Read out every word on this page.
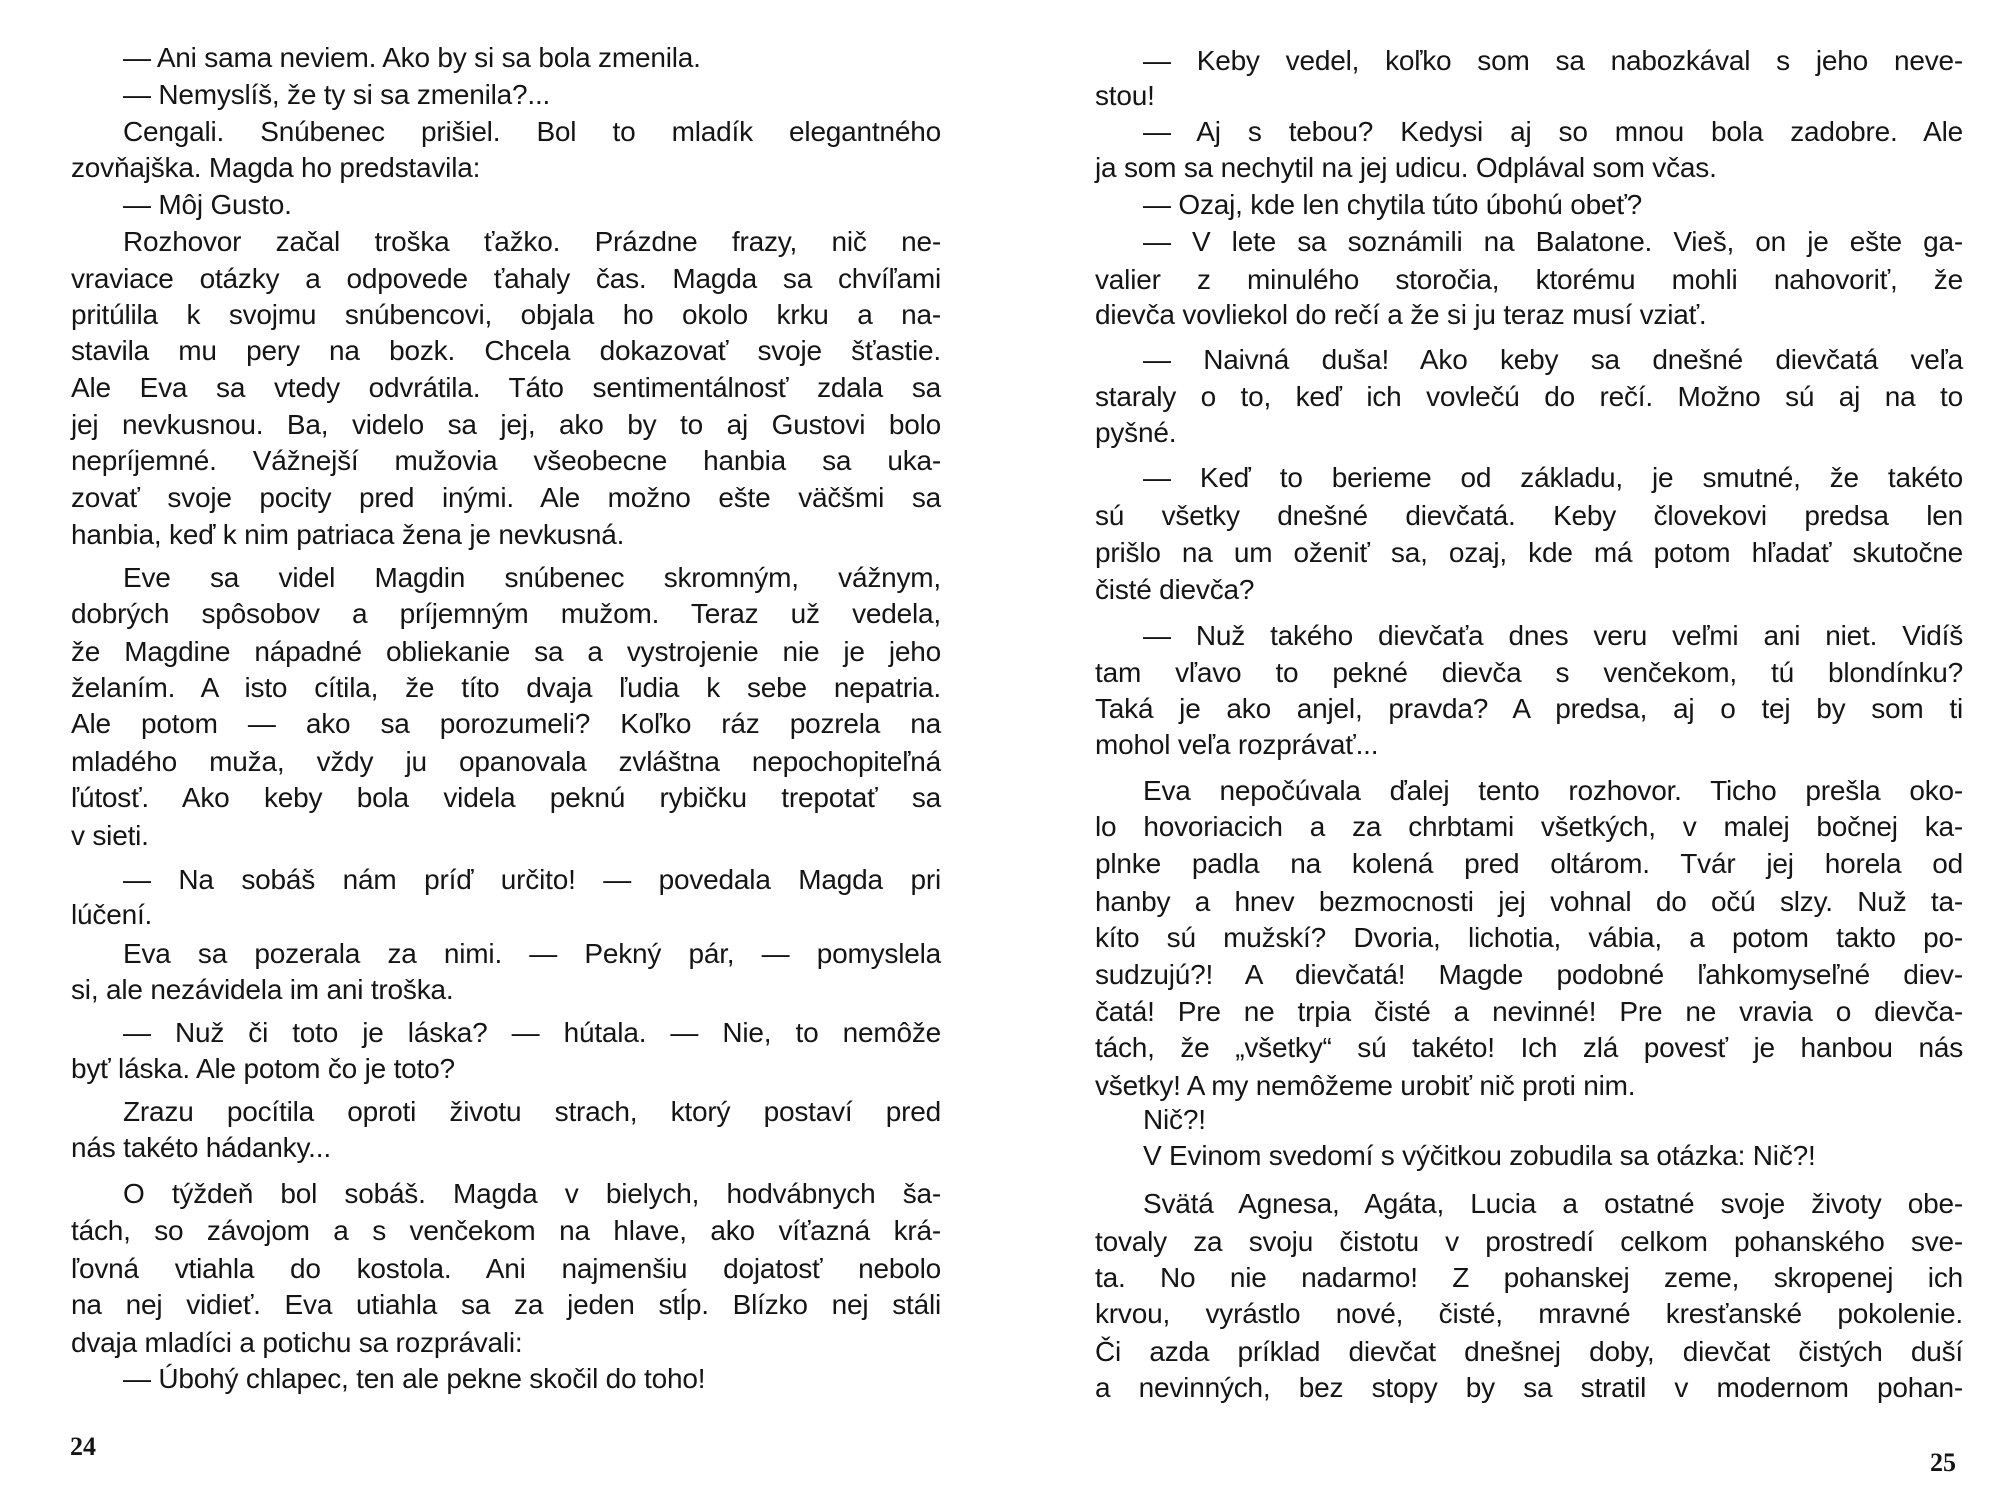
24
— Ani sama neviem. Ako by si sa bola zmenila.
— Nemyslíš, že ty si sa zmenila?...
Cengali. Snúbenec prišiel. Bol to mladík elegantného
zovňajška. Magda ho predstavila:
— Môj Gusto.
Rozhovor začal troška ťažko. Prázdne frazy, nič ne-
vraviace otázky a odpovede ťahaly čas. Magda sa chvíľami
pritúlila k svojmu snúbencovi, objala ho okolo krku a na-
stavila mu pery na bozk. Chcela dokazovať svoje šťastie.
Ale Eva sa vtedy odvrátila. Táto sentimentálnosť zdala sa
jej nevkusnou. Ba, videlo sa jej, ako by to aj Gustovi bolo
nepríjemné. Vážnejší mužovia všeobecne hanbia sa uka-
zovať svoje pocity pred inými. Ale možno ešte väčšmi sa
hanbia, keď k nim patriaca žena je nevkusná.
Eve sa videl Magdin snúbenec skromným, vážnym,
dobrých spôsobov a príjemným mužom. Teraz už vedela,
že Magdine nápadné obliekanie sa a vystrojenie nie je jeho
želaním. A isto cítila, že títo dvaja ľudia k sebe nepatria.
Ale potom — ako sa porozumeli? Koľko ráz pozrela na
mladého muža, vždy ju opanovala zvláštna nepochopiteľná
ľútosť. Ako keby bola videla peknú rybičku trepotať sa
v sieti.
— Na sobáš nám príď určito! — povedala Magda pri
lúčení.
Eva sa pozerala za nimi. — Pekný pár, — pomyslela
si, ale nezávidela im ani troška.
— Nuž či toto je láska? — hútala. — Nie, to nemôže
byť láska. Ale potom čo je toto?
Zrazu pocítila oproti životu strach, ktorý postaví pred
nás takéto hádanky...
O týždeň bol sobáš. Magda v bielych, hodvábnych ša-
tách, so závojom a s venčekom na hlave, ako víťazná krá-
ľovná vtiahla do kostola. Ani najmenšiu dojatosť nebolo
na nej vidieť. Eva utiahla sa za jeden stĺp. Blízko nej stáli
dvaja mladíci a potichu sa rozprávali:
— Úbohý chlapec, ten ale pekne skočil do toho!
25
— Keby vedel, koľko som sa nabozkával s jeho neve-
stou!
— Aj s tebou? Kedysi aj so mnou bola zadobre. Ale
ja som sa nechytil na jej udicu. Odplával som včas.
— Ozaj, kde len chytila túto úbohú obeť?
— V lete sa soznámili na Balatone. Vieš, on je ešte ga-
valier z minulého storočia, ktorému mohli nahovoriť, že
dievča vovliekol do rečí a že si ju teraz musí vziať.
— Naivná duša! Ako keby sa dnešné dievčatá veľa
staraly o to, keď ich vovlečú do rečí. Možno sú aj na to
pyšné.
— Keď to berieme od základu, je smutné, že takéto
sú všetky dnešné dievčatá. Keby človekovi predsa len
prišlo na um oženiť sa, ozaj, kde má potom hľadať skutočne
čisté dievča?
— Nuž takého dievčaťa dnes veru veľmi ani niet. Vidíš
tam vľavo to pekné dievča s venčekom, tú blondínku?
Taká je ako anjel, pravda? A predsa, aj o tej by som ti
mohol veľa rozprávať...
Eva nepočúvala ďalej tento rozhovor. Ticho prešla oko-
lo hovoriacich a za chrbtami všetkých, v malej bočnej ka-
plnke padla na kolená pred oltárom. Tvár jej horela od
hanby a hnev bezmocnosti jej vohnal do očú slzy. Nuž ta-
kíto sú mužskí? Dvoria, lichotia, vábia, a potom takto po-
sudzujú?! A dievčatá! Magde podobné ľahkomyseľné diev-
čatá! Pre ne trpia čisté a nevinné! Pre ne vravia o dievča-
tách, že „všetky“ sú takéto! Ich zlá povesť je hanbou nás
všetky! A my nemôžeme urobiť nič proti nim.
Nič?!
V Evinom svedomí s výčitkou zobudila sa otázka: Nič?!
Svätá Agnesa, Agáta, Lucia a ostatné svoje životy obe-
tovaly za svoju čistotu v prostredí celkom pohanského sve-
ta. No nie nadarmo! Z pohanskej zeme, skropenej ich
krvou, vyrástlo nové, čisté, mravné kresťanské pokolenie.
Či azda príklad dievčat dnešnej doby, dievčat čistých duší
a nevinných, bez stopy by sa stratil v modernom pohan-
